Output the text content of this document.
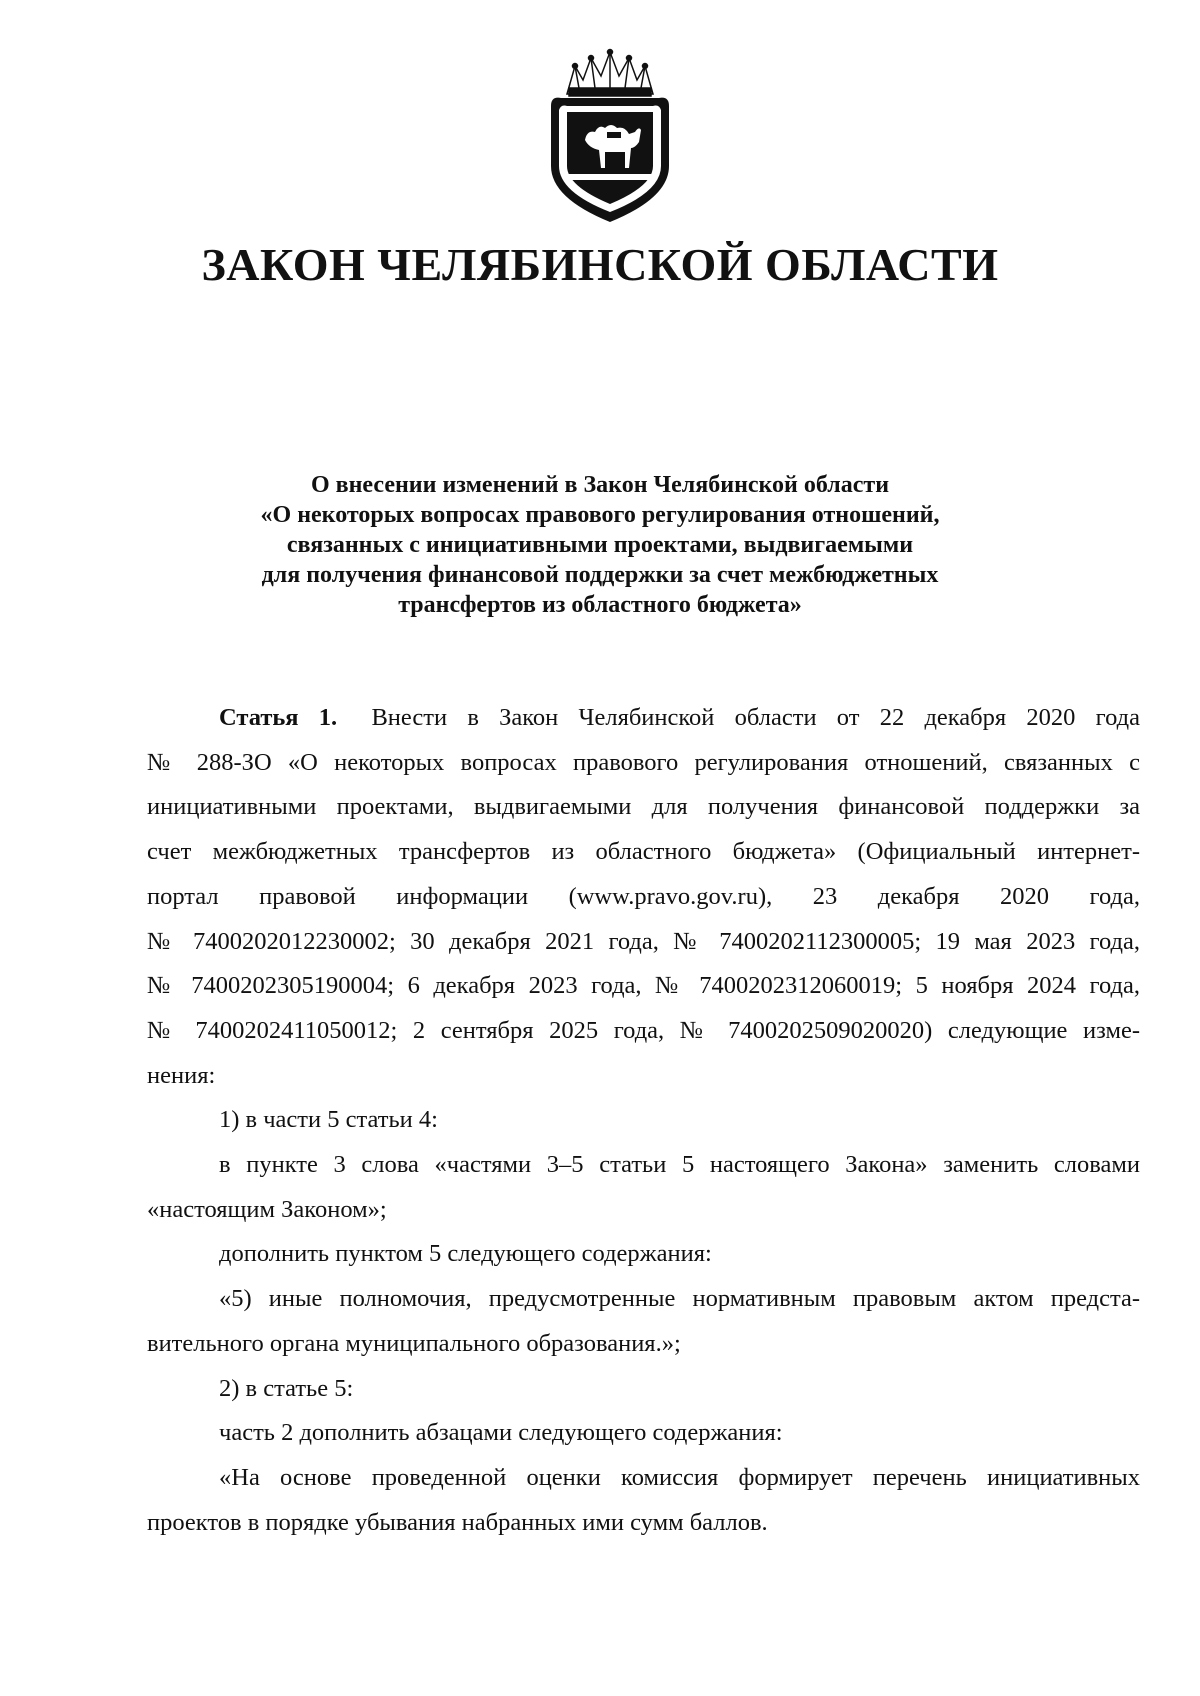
ЗАКОН ЧЕЛЯБИНСКОЙ ОБЛАСТИ
О внесении изменений в Закон Челябинской области
«О некоторых вопросах правового регулирования отношений,
связанных с инициативными проектами, выдвигаемыми
для получения финансовой поддержки за счет межбюджетных
трансфертов из областного бюджета»

Статья 1. Внести в Закон Челябинской области от 22 декабря 2020 года
№ 288-ЗО «О некоторых вопросах правового регулирования отношений, связанных с
инициативными проектами, выдвигаемыми для получения финансовой поддержки за
счет межбюджетных трансфертов из областного бюджета» (Официальный интернет-
портал правовой информации (www.pravo.gov.ru), 23 декабря 2020 года,
№ 7400202012230002; 30 декабря 2021 года, № 7400202112300005; 19 мая 2023 года,
№ 7400202305190004; 6 декабря 2023 года, № 7400202312060019; 5 ноября 2024 года,
№ 7400202411050012; 2 сентября 2025 года, № 7400202509020020) следующие изме-
нения:

1) в части 5 статьи 4:

в пункте 3 слова «частями 3–5 статьи 5 настоящего Закона» заменить словами
«настоящим Законом»;

дополнить пунктом 5 следующего содержания:

«5) иные полномочия, предусмотренные нормативным правовым актом предста-
вительного органа муниципального образования.»;

2) в статье 5:

часть 2 дополнить абзацами следующего содержания:

«На основе проведенной оценки комиссия формирует перечень инициативных
проектов в порядке убывания набранных ими сумм баллов.
